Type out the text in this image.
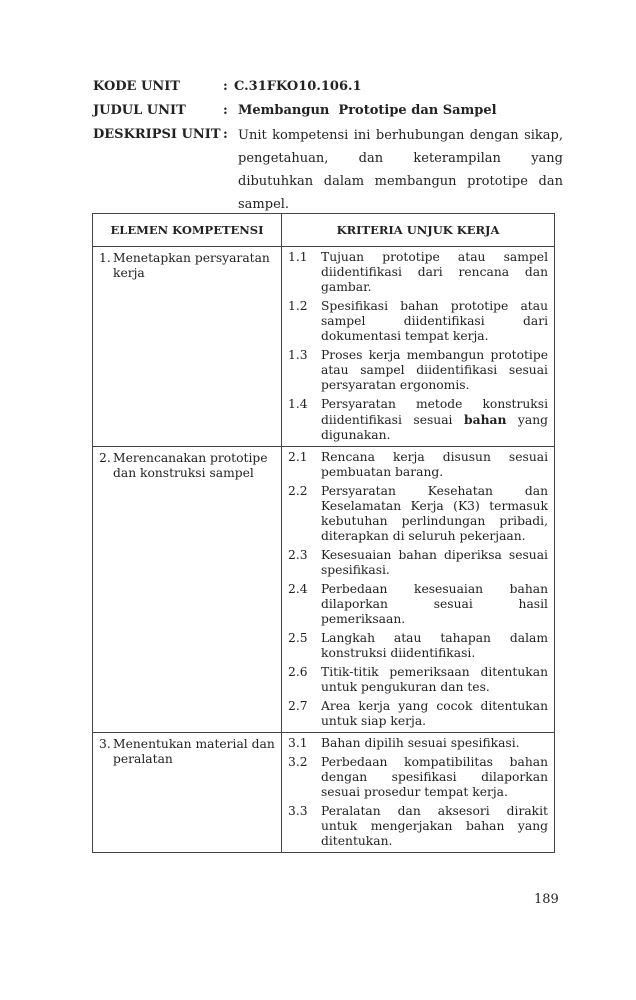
KODE UNIT	: C.31FKO10.106.1
JUDUL UNIT	: Membangun  Prototipe dan Sampel
DESKRIPSI UNIT : Unit kompetensi ini berhubungan dengan sikap, pengetahuan, dan keterampilan yang dibutuhkan dalam membangun prototipe dan sampel.
ELEMEN KOMPETENSI	KRITERIA UNJUK KERJA

1. Menetapkan persyaratan kerja

1.1	Tujuan prototipe atau sampel diidentifikasi dari rencana dan gambar.
1.2	Spesifikasi bahan prototipe atau sampel diidentifikasi dari dokumentasi tempat kerja.
1.3	Proses kerja membangun prototipe atau sampel diidentifikasi sesuai persyaratan ergonomis.
1.4	Persyaratan metode konstruksi diidentifikasi sesuai bahan yang digunakan.

2. Merencanakan prototipe dan konstruksi sampel

2.1	Rencana kerja disusun sesuai pembuatan barang.
2.2	Persyaratan Kesehatan dan Keselamatan Kerja (K3) termasuk kebutuhan perlindungan pribadi, diterapkan di seluruh pekerjaan.
2.3	Kesesuaian bahan diperiksa sesuai spesifikasi.
2.4	Perbedaan kesesuaian bahan dilaporkan sesuai hasil pemeriksaan.
2.5	Langkah atau tahapan dalam konstruksi diidentifikasi.
2.6	Titik-titik pemeriksaan ditentukan untuk pengukuran dan tes.
2.7	Area kerja yang cocok ditentukan untuk siap kerja.

3. Menentukan material dan peralatan

3.1	Bahan dipilih sesuai spesifikasi.
3.2	Perbedaan kompatibilitas bahan dengan spesifikasi dilaporkan sesuai prosedur tempat kerja.
3.3	Peralatan dan aksesori dirakit untuk mengerjakan bahan yang ditentukan.
189
